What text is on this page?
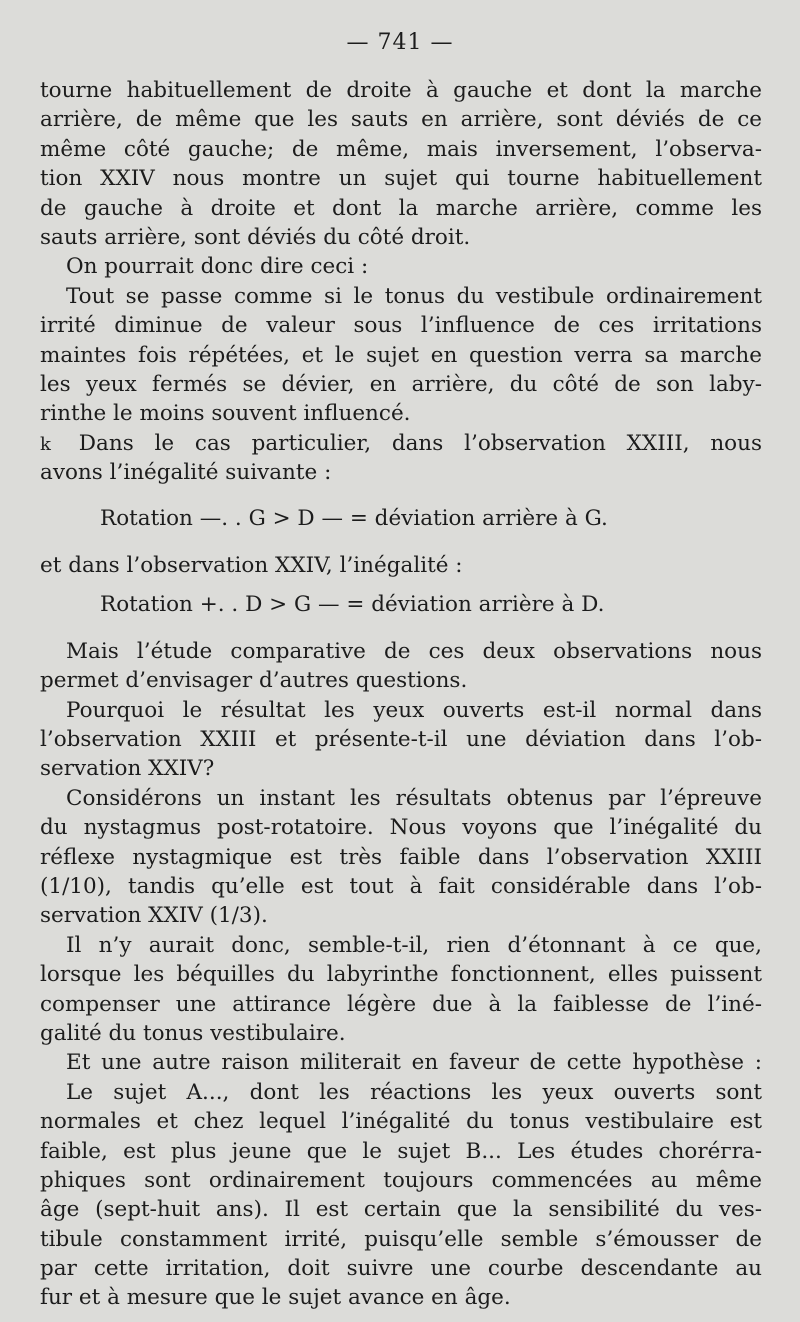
— 741 —
tourne habituellement de droite à gauche et dont la marche
arrière, de même que les sauts en arrière, sont déviés de ce
même côté gauche; de même, mais inversement, l’observa-
tion XXIV nous montre un sujet qui tourne habituellement
de gauche à droite et dont la marche arrière, comme les
sauts arrière, sont déviés du côté droit.
On pourrait donc dire ceci :
Tout se passe comme si le tonus du vestibule ordinairement
irrité diminue de valeur sous l’influence de ces irritations
maintes fois répétées, et le sujet en question verra sa marche
les yeux fermés se dévier, en arrière, du côté de son laby-
rinthe le moins souvent influencé.
k Dans le cas particulier, dans l’observation XXIII, nous
avons l’inégalité suivante :
Rotation —. . G > D — = déviation arrière à G.
et dans l’observation XXIV, l’inégalité :
Rotation +. . D > G — = déviation arrière à D.
Mais l’étude comparative de ces deux observations nous
permet d’envisager d’autres questions.
Pourquoi le résultat les yeux ouverts est-il normal dans
l’observation XXIII et présente-t-il une déviation dans l’ob-
servation XXIV?
Considérons un instant les résultats obtenus par l’épreuve
du nystagmus post-rotatoire. Nous voyons que l’inégalité du
réflexe nystagmique est très faible dans l’observation XXIII
(1/10), tandis qu’elle est tout à fait considérable dans l’ob-
servation XXIV (1/3).
Il n’y aurait donc, semble-t-il, rien d’étonnant à ce que,
lorsque les béquilles du labyrinthe fonctionnent, elles puissent
compenser une attirance légère due à la faiblesse de l’iné-
galité du tonus vestibulaire.
Et une autre raison militerait en faveur de cette hypothèse :
Le sujet A..., dont les réactions les yeux ouverts sont
normales et chez lequel l’inégalité du tonus vestibulaire est
faible, est plus jeune que le sujet B... Les études choréгra-
phiques sont ordinairement toujours commencées au même
âge (sept-huit ans). Il est certain que la sensibilité du ves-
tibule constamment irrité, puisqu’elle semble s’émousser de
par cette irritation, doit suivre une courbe descendante au
fur et à mesure que le sujet avance en âge.
